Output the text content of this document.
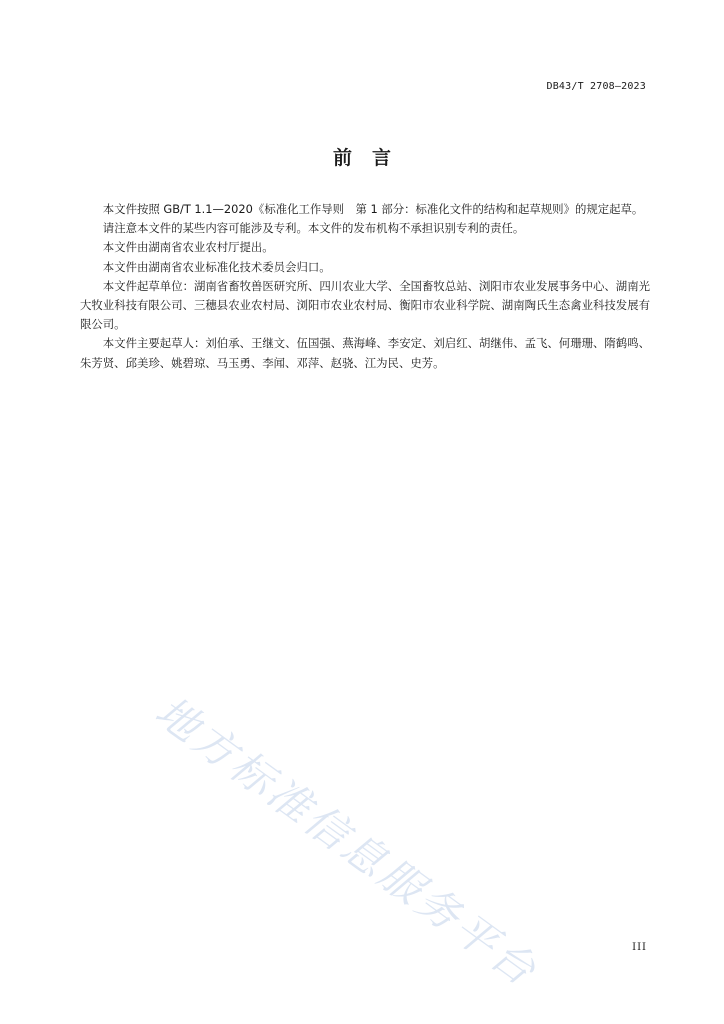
DB43/T 2708—2023
前 言

本文件按照 GB/T 1.1—2020《标准化工作导则　第 1 部分：标准化文件的结构和起草规则》的规定起草。

请注意本文件的某些内容可能涉及专利。本文件的发布机构不承担识别专利的责任。

本文件由湖南省农业农村厅提出。

本文件由湖南省农业标准化技术委员会归口。

本文件起草单位：湖南省畜牧兽医研究所、四川农业大学、全国畜牧总站、浏阳市农业发展事务中心、湖南光大牧业科技有限公司、三穗县农业农村局、浏阳市农业农村局、衡阳市农业科学院、湖南陶氏生态禽业科技发展有限公司。

本文件主要起草人：刘伯承、王继文、伍国强、燕海峰、李安定、刘启红、胡继伟、孟飞、何珊珊、隋鹤鸣、朱芳贤、邱美珍、姚碧琼、马玉勇、李闻、邓萍、赵骁、江为民、史芳。

地方标准信息服务平台	III
